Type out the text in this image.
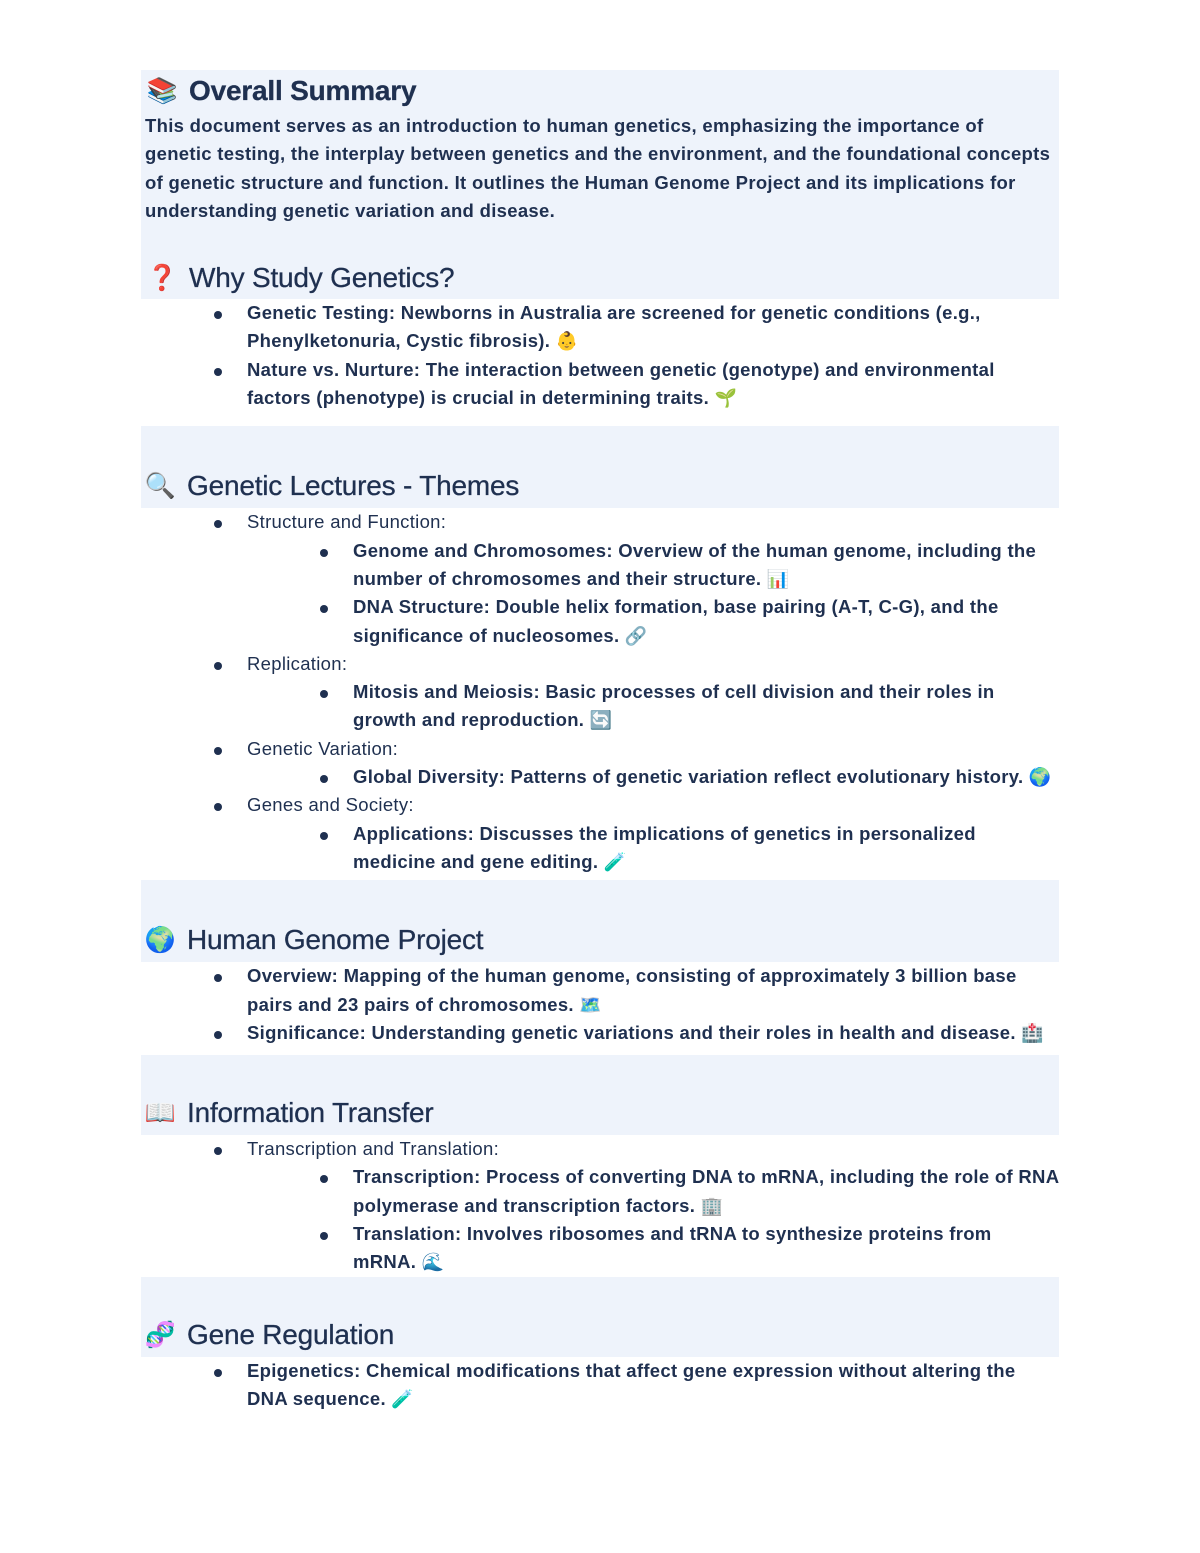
📚 Overall Summary

This document serves as an introduction to human genetics, emphasizing the importance of genetic testing, the interplay between genetics and the environment, and the foundational concepts of genetic structure and function. It outlines the Human Genome Project and its implications for understanding genetic variation and disease.

❓ Why Study Genetics?
Genetic Testing: Newborns in Australia are screened for genetic conditions (e.g., Phenylketonuria, Cystic fibrosis). 👶
Nature vs. Nurture: The interaction between genetic (genotype) and environmental factors (phenotype) is crucial in determining traits. 🌱
🔍 Genetic Lectures - Themes
Structure and Function:
Genome and Chromosomes: Overview of the human genome, including the number of chromosomes and their structure. 📊
DNA Structure: Double helix formation, base pairing (A-T, C-G), and the significance of nucleosomes. 🔗
Replication:
Mitosis and Meiosis: Basic processes of cell division and their roles in growth and reproduction. 🔄
Genetic Variation:
Global Diversity: Patterns of genetic variation reflect evolutionary history. 🌍
Genes and Society:
Applications: Discusses the implications of genetics in personalized medicine and gene editing. 🧪
🌍 Human Genome Project
Overview: Mapping of the human genome, consisting of approximately 3 billion base pairs and 23 pairs of chromosomes. 🗺️
Significance: Understanding genetic variations and their roles in health and disease. 🏥
📖 Information Transfer
Transcription and Translation:
Transcription: Process of converting DNA to mRNA, including the role of RNA polymerase and transcription factors. 🏢
Translation: Involves ribosomes and tRNA to synthesize proteins from mRNA. 🌊
🧬 Gene Regulation
Epigenetics: Chemical modifications that affect gene expression without altering the DNA sequence. 🧪
